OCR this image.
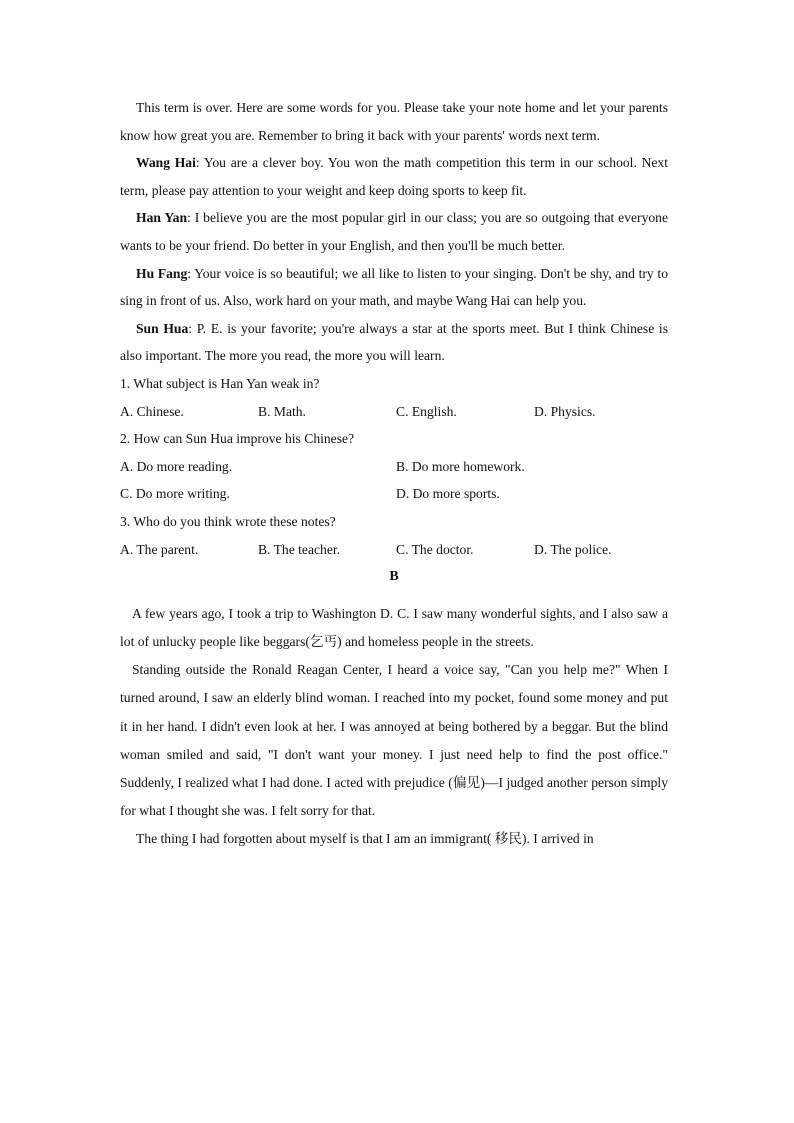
This term is over. Here are some words for you. Please take your note home and let your parents know how great you are. Remember to bring it back with your parents' words next term.

Wang Hai: You are a clever boy. You won the math competition this term in our school. Next term, please pay attention to your weight and keep doing sports to keep fit.

Han Yan: I believe you are the most popular girl in our class; you are so outgoing that everyone wants to be your friend. Do better in your English, and then you'll be much better.

Hu Fang: Your voice is so beautiful; we all like to listen to your singing. Don't be shy, and try to sing in front of us. Also, work hard on your math, and maybe Wang Hai can help you.

Sun Hua: P. E. is your favorite; you're always a star at the sports meet. But I think Chinese is also important. The more you read, the more you will learn.

1. What subject is Han Yan weak in?

A. Chinese.	B. Math.	C. English.	D. Physics.

2. How can Sun Hua improve his Chinese?

A. Do more reading.	B. Do more homework.
C. Do more writing.	D. Do more sports.

3. Who do you think wrote these notes?

A. The parent.	B. The teacher.	C. The doctor.	D. The police.

B

A few years ago, I took a trip to Washington D. C. I saw many wonderful sights, and I also saw a lot of unlucky people like beggars(乞丐) and homeless people in the streets.

Standing outside the Ronald Reagan Center, I heard a voice say, "Can you help me?" When I turned around, I saw an elderly blind woman. I reached into my pocket, found some money and put it in her hand. I didn't even look at her. I was annoyed at being bothered by a beggar. But the blind woman smiled and said, "I don't want your money. I just need help to find the post office." Suddenly, I realized what I had done. I acted with prejudice (偏见)—I judged another person simply for what I thought she was. I felt sorry for that.

The thing I had forgotten about myself is that I am an immigrant( 移民). I arrived in
